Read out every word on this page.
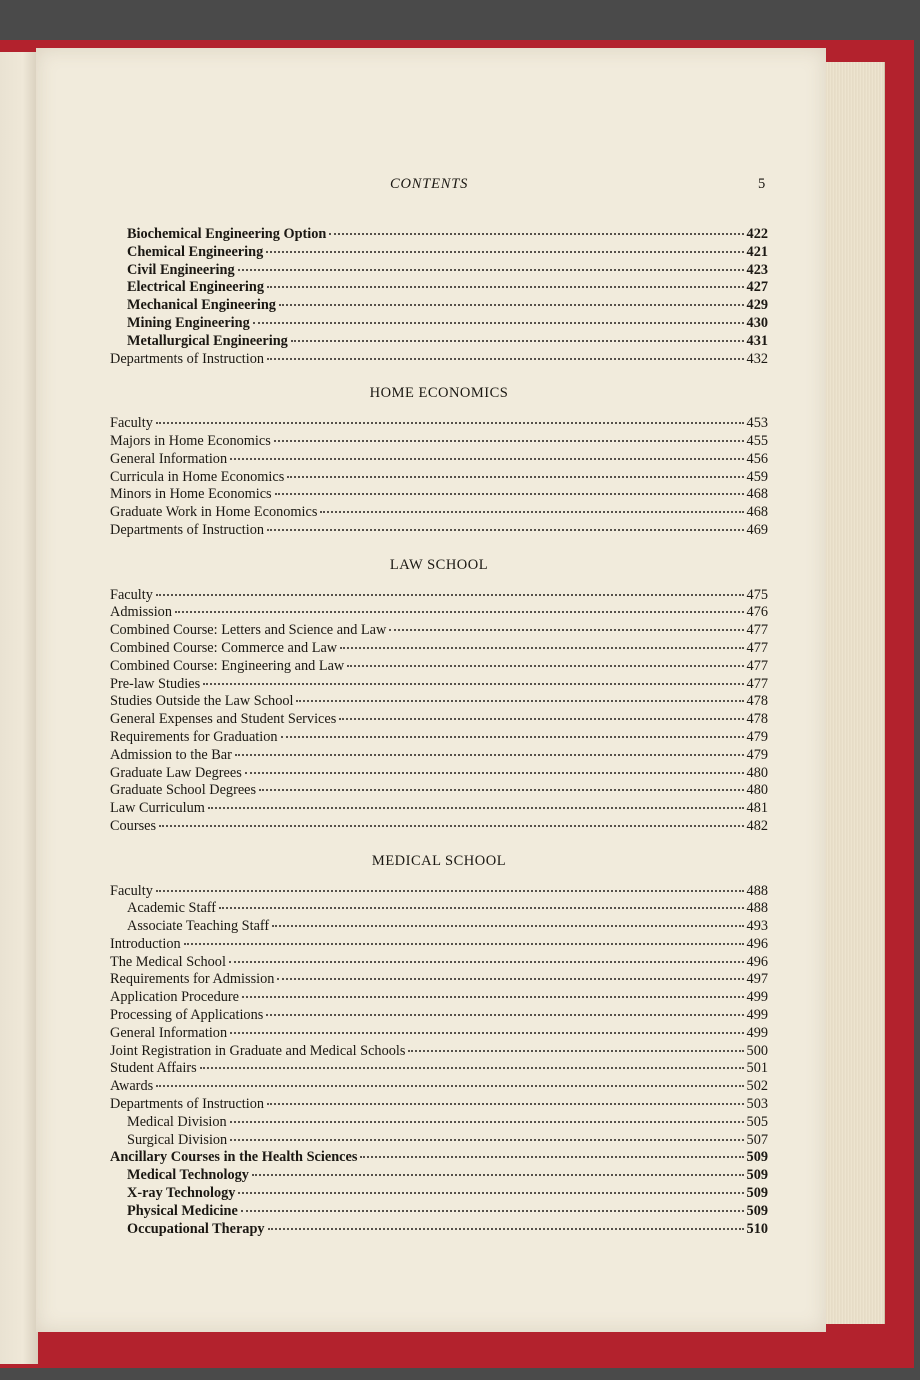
CONTENTS	5
Biochemical Engineering Option	422
Chemical Engineering	421
Civil Engineering	423
Electrical Engineering	427
Mechanical Engineering	429
Mining Engineering	430
Metallurgical Engineering	431
Departments of Instruction	432
HOME ECONOMICS
Faculty	453
Majors in Home Economics	455
General Information	456
Curricula in Home Economics	459
Minors in Home Economics	468
Graduate Work in Home Economics	468
Departments of Instruction	469
LAW SCHOOL
Faculty	475
Admission	476
Combined Course: Letters and Science and Law	477
Combined Course: Commerce and Law	477
Combined Course: Engineering and Law	477
Pre-law Studies	477
Studies Outside the Law School	478
General Expenses and Student Services	478
Requirements for Graduation	479
Admission to the Bar	479
Graduate Law Degrees	480
Graduate School Degrees	480
Law Curriculum	481
Courses	482
MEDICAL SCHOOL
Faculty	488
Academic Staff	488
Associate Teaching Staff	493
Introduction	496
The Medical School	496
Requirements for Admission	497
Application Procedure	499
Processing of Applications	499
General Information	499
Joint Registration in Graduate and Medical Schools	500
Student Affairs	501
Awards	502
Departments of Instruction	503
Medical Division	505
Surgical Division	507
Ancillary Courses in the Health Sciences	509
Medical Technology	509
X-ray Technology	509
Physical Medicine	509
Occupational Therapy	510
